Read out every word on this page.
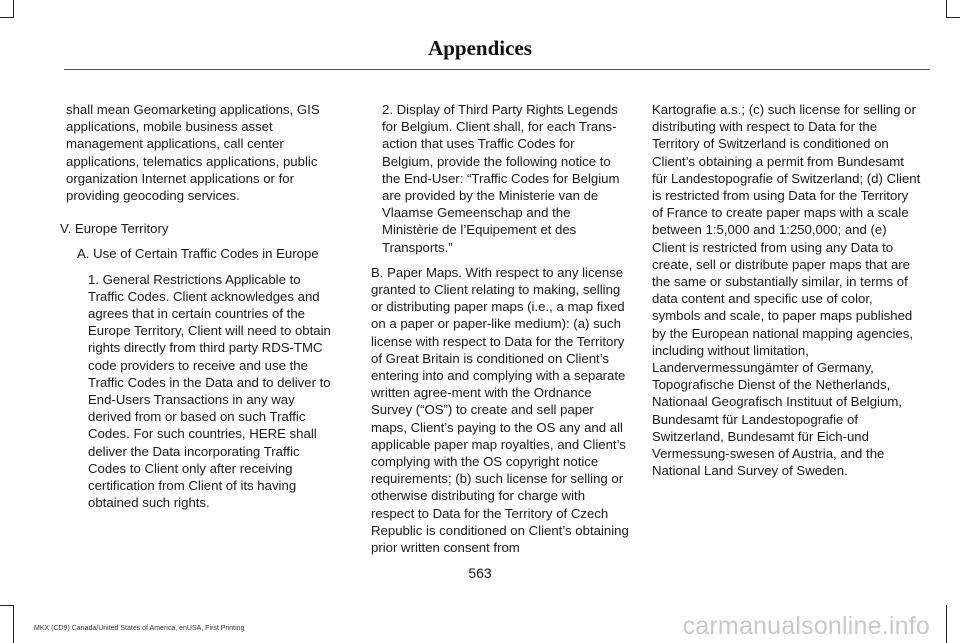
Appendices

shall mean Geomarketing applications, GIS applications, mobile business asset management applications, call center applications, telematics applications, public organization Internet applications or for providing geocoding services.

V. Europe Territory

A. Use of Certain Traffic Codes in Europe

1. General Restrictions Applicable to Traffic Codes. Client acknowledges and agrees that in certain countries of the Europe Territory, Client will need to obtain rights directly from third party RDS-TMC code providers to receive and use the Traffic Codes in the Data and to deliver to End-Users Transactions in any way derived from or based on such Traffic Codes. For such countries, HERE shall deliver the Data incorporating Traffic Codes to Client only after receiving certification from Client of its having obtained such rights.

2. Display of Third Party Rights Legends for Belgium. Client shall, for each Trans-action that uses Traffic Codes for Belgium, provide the following notice to the End-User: “Traffic Codes for Belgium are provided by the Ministerie van de Vlaamse Gemeenschap and the Ministèrie de l’Equipement et des Transports.”

B. Paper Maps. With respect to any license granted to Client relating to making, selling or distributing paper maps (i.e., a map fixed on a paper or paper-like medium): (a) such license with respect to Data for the Territory of Great Britain is conditioned on Client’s entering into and complying with a separate written agree-ment with the Ordnance Survey (“OS”) to create and sell paper maps, Client’s paying to the OS any and all applicable paper map royalties, and Client’s complying with the OS copyright notice requirements; (b) such license for selling or otherwise distributing for charge with respect to Data for the Territory of Czech Republic is conditioned on Client’s obtaining prior written consent from

Kartografie a.s.; (c) such license for selling or distributing with respect to Data for the Territory of Switzerland is conditioned on Client’s obtaining a permit from Bundesamt für Landestopografie of Switzerland; (d) Client is restricted from using Data for the Territory of France to create paper maps with a scale between 1:5,000 and 1:250,000; and (e) Client is restricted from using any Data to create, sell or distribute paper maps that are the same or substantially similar, in terms of data content and specific use of color, symbols and scale, to paper maps published by the European national mapping agencies, including without limitation, Landervermessungämter of Germany, Topografische Dienst of the Netherlands, Nationaal Geografisch Instituut of Belgium, Bundesamt für Landestopografie of Switzerland, Bundesamt für Eich-und Vermessung-swesen of Austria, and the National Land Survey of Sweden.

563
MKX (CD9) Canada/United States of America, enUSA, First Printing	carmanualsonline.info
